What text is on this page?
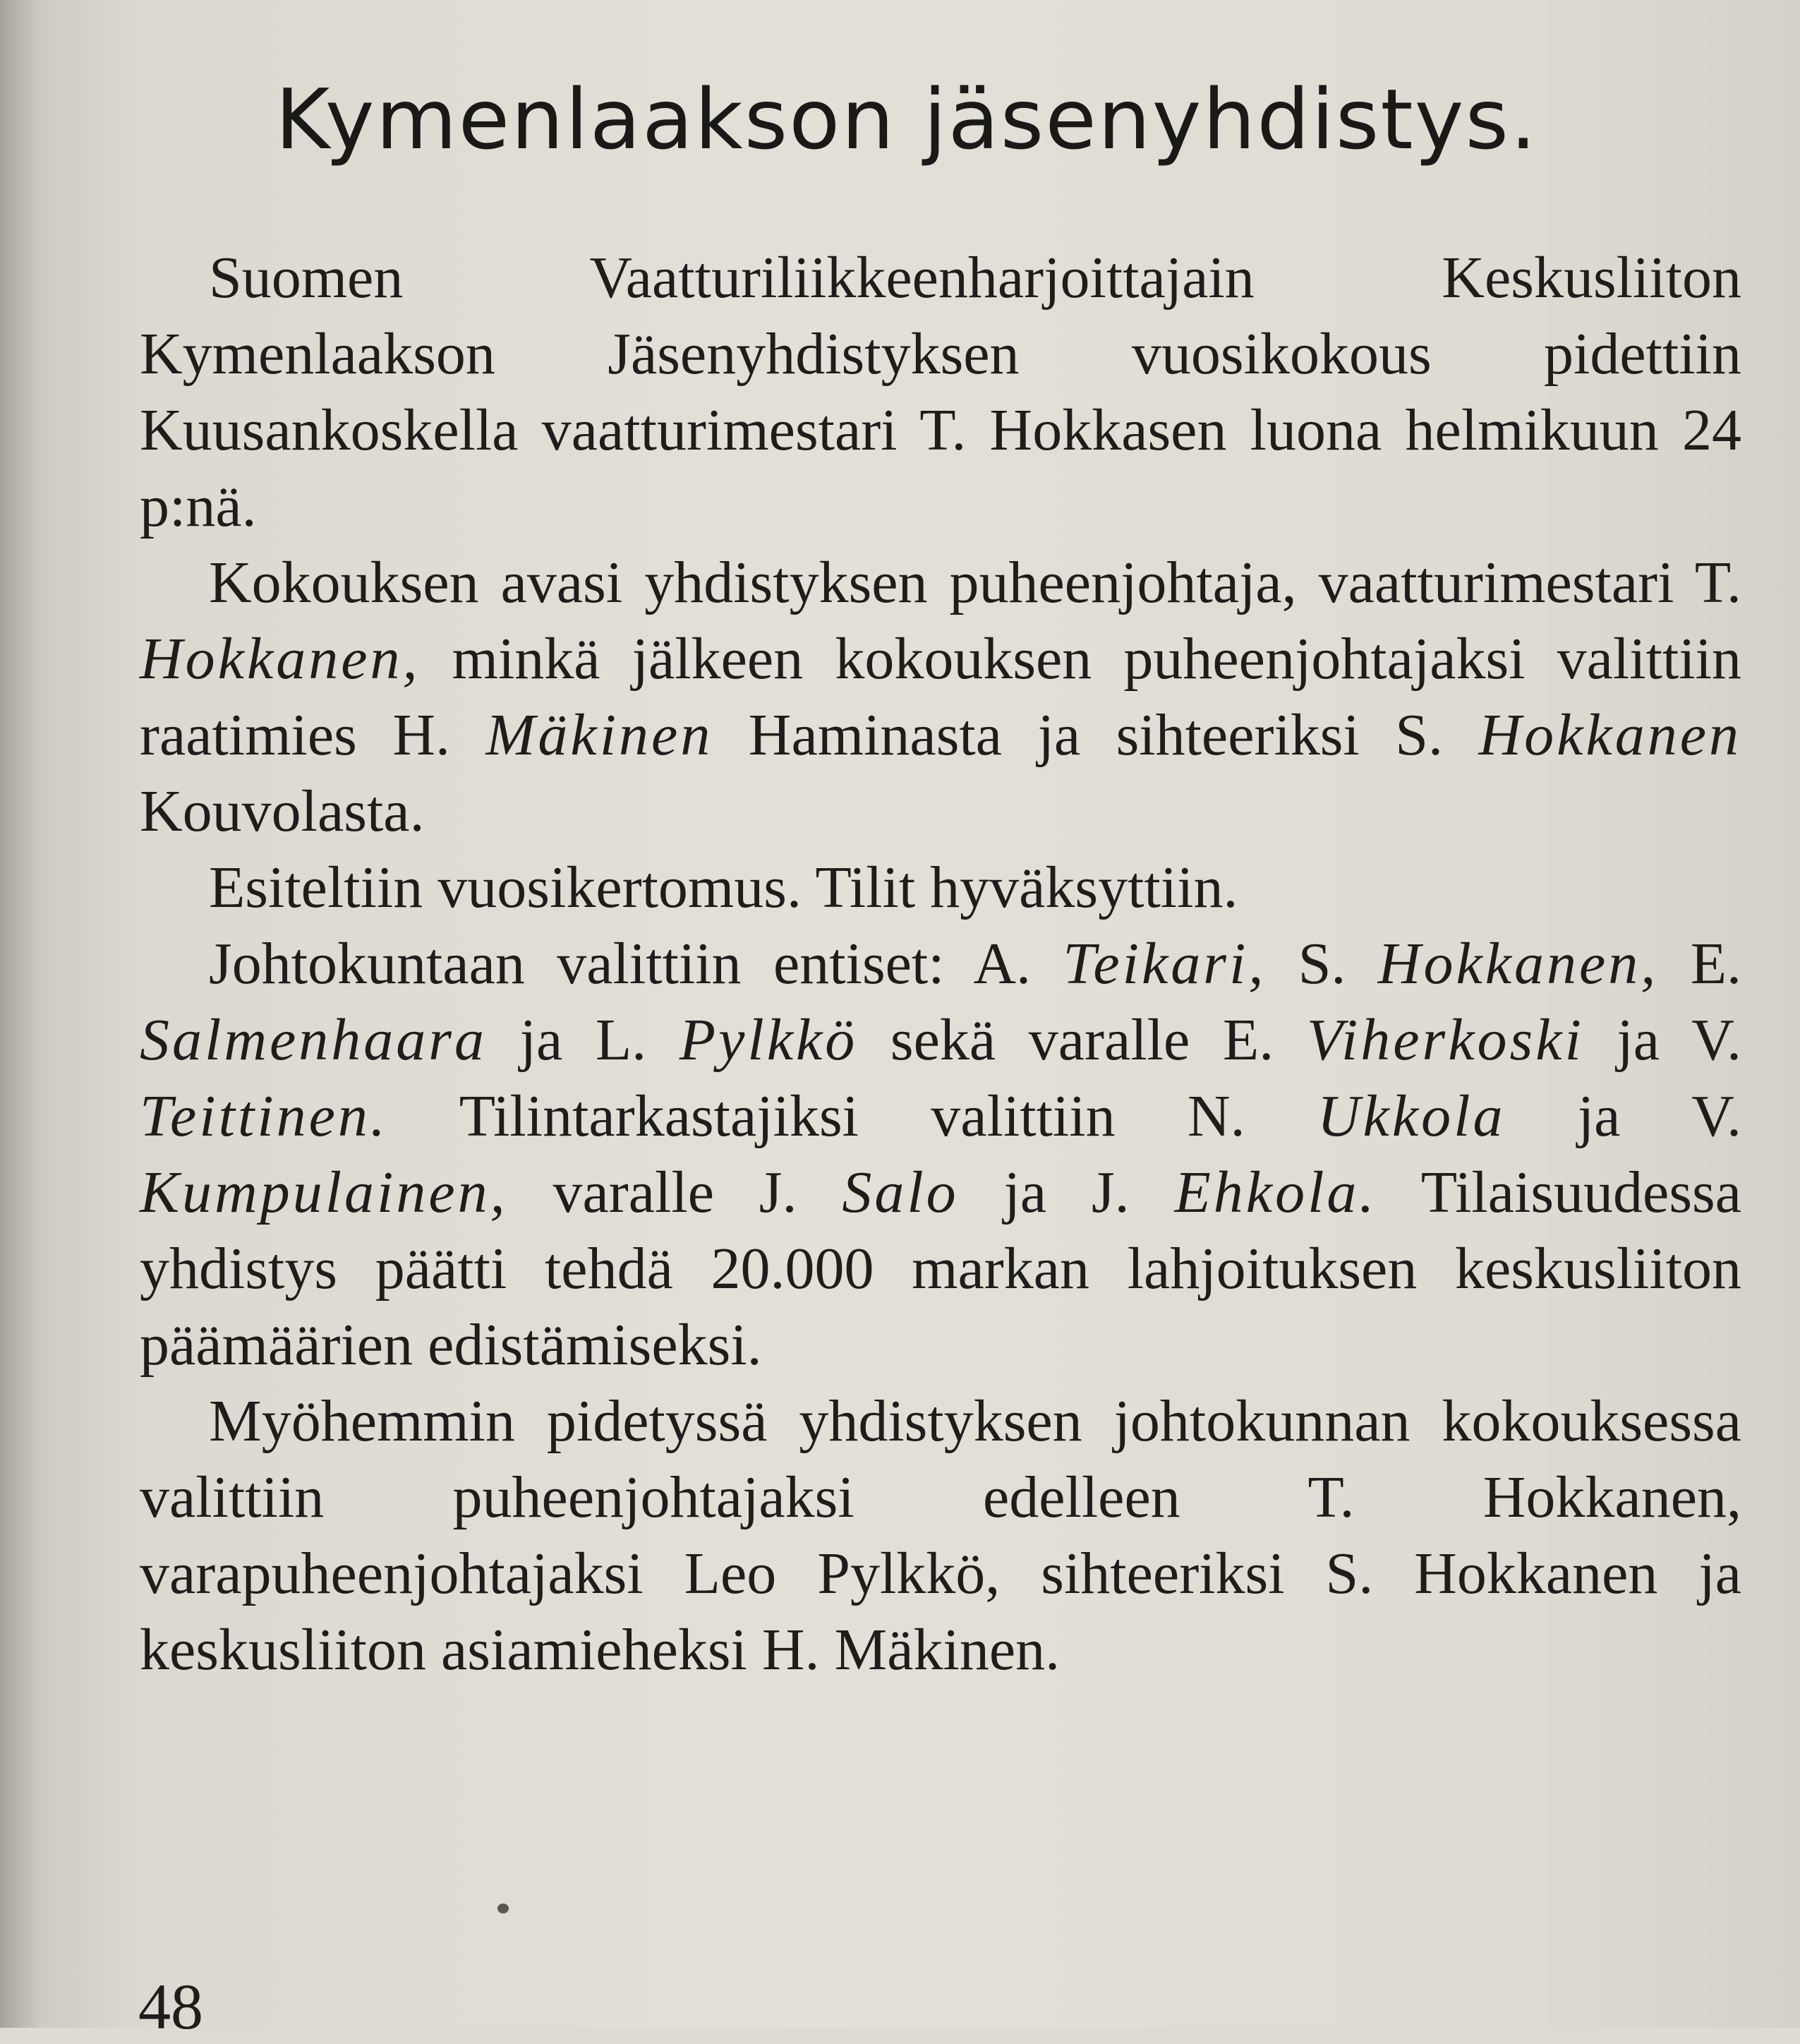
Kymenlaakson jäsenyhdistys.

Suomen Vaatturiliikkeenharjoittajain Keskusliiton Kymenlaakson Jäsenyhdistyksen vuosikokous pidettiin Kuusankoskella vaatturimestari T. Hokkasen luona helmikuun 24 p:nä.

Kokouksen avasi yhdistyksen puheenjohtaja, vaatturimestari T. Hokkanen, minkä jälkeen kokouksen puheenjohtajaksi valittiin raatimies H. Mäkinen Haminasta ja sihteeriksi S. Hokkanen Kouvolasta.

Esiteltiin vuosikertomus. Tilit hyväksyttiin.

Johtokuntaan valittiin entiset: A. Teikari, S. Hokkanen, E. Salmenhaara ja L. Pylkkö sekä varalle E. Viherkoski ja V. Teittinen. Tilintarkastajiksi valittiin N. Ukkola ja V. Kumpulainen, varalle J. Salo ja J. Ehkola. Tilaisuudessa yhdistys päätti tehdä 20.000 markan lahjoituksen keskusliiton päämäärien edistämiseksi.

Myöhemmin pidetyssä yhdistyksen johtokunnan kokouksessa valittiin puheenjohtajaksi edelleen T. Hokkanen, varapuheenjohtajaksi Leo Pylkkö, sihteeriksi S. Hokkanen ja keskusliiton asiamieheksi H. Mäkinen.

48
